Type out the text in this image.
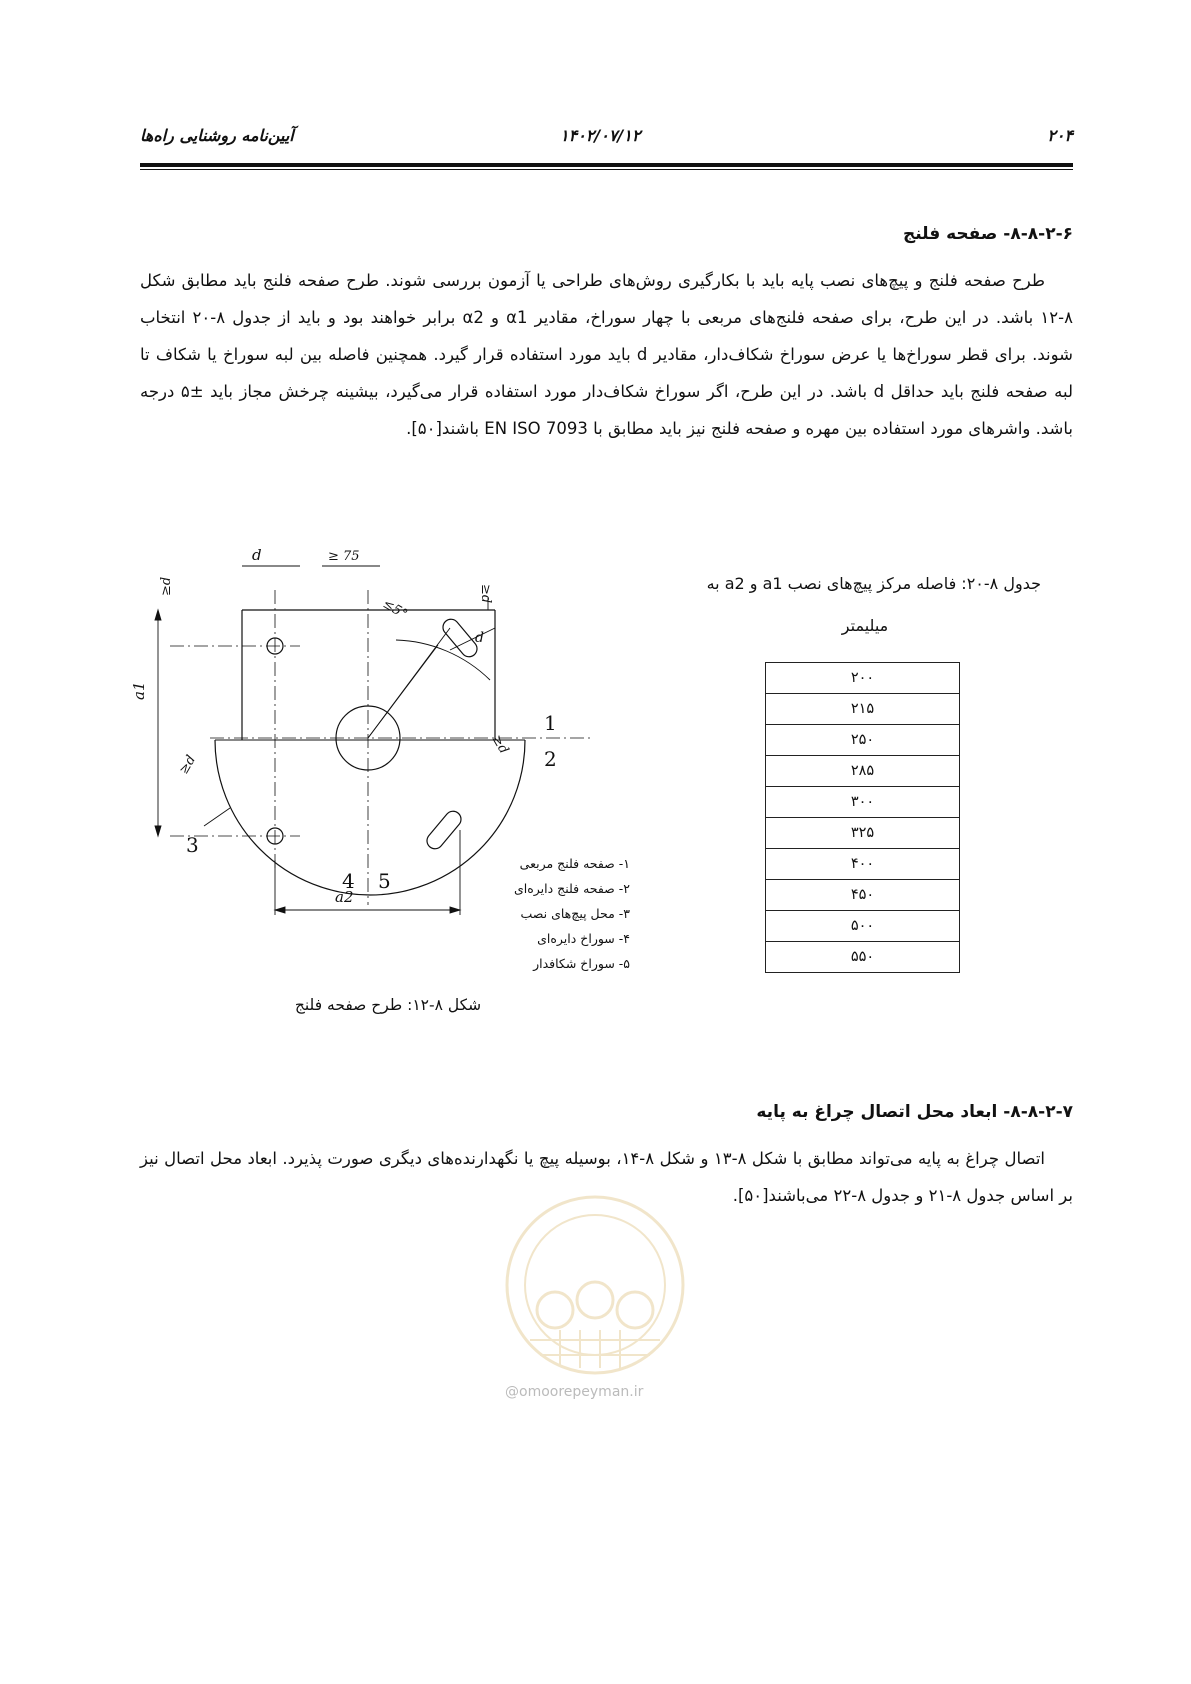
آیین‌نامه روشنایی راه‌ها	۱۴۰۲/۰۷/۱۲	۲۰۴
۸-۸-۲-۶- صفحه فلنج

طرح صفحه فلنج و پیچ‌های نصب پایه باید با بکارگیری روش‌های طراحی یا آزمون بررسی شوند. طرح صفحه فلنج باید مطابق شکل ۸-۱۲ باشد. در این طرح، برای صفحه فلنج‌های مربعی با چهار سوراخ، مقادیر α1 و α2 برابر خواهند بود و باید از جدول ۸-۲۰ انتخاب شوند. برای قطر سوراخ‌ها یا عرض سوراخ شکاف‌دار، مقادیر d باید مورد استفاده قرار گیرد. همچنین فاصله بین لبه سوراخ یا شکاف تا لبه صفحه فلنج باید حداقل d باشد. در این طرح، اگر سوراخ شکاف‌دار مورد استفاده قرار می‌گیرد، بیشینه چرخش مجاز باید ±۵ درجه باشد. واشرهای مورد استفاده بین مهره و صفحه فلنج نیز باید مطابق با EN ISO 7093 باشند[۵۰].

جدول ۸-۲۰: فاصله مرکز پیچ‌های نصب a1 و a2 به
میلیمتر
۲۰۰
۲۱۵
۲۵۰
۲۸۵
۳۰۰
۳۲۵
۴۰۰
۴۵۰
۵۰۰
۵۵۰
d	≥ 75
≥d	≥d
≤5°
d
a1
a2
≥d
≥d
1
2
3
4 5
۱- صفحه فلنج مربعی
۲- صفحه فلنج دایره‌ای
۳- محل پیچ‌های نصب
۴- سوراخ دایره‌ای
۵- سوراخ شکافدار
شکل ۸-۱۲: طرح صفحه فلنج
۸-۸-۲-۷- ابعاد محل اتصال چراغ به پایه

اتصال چراغ به پایه می‌تواند مطابق با شکل ۸-۱۳ و شکل ۸-۱۴، بوسیله پیچ یا نگهدارنده‌های دیگری صورت پذیرد. ابعاد محل اتصال نیز بر اساس جدول ۸-۲۱ و جدول ۸-۲۲ می‌باشند[۵۰].

@omoorepeyman.ir
